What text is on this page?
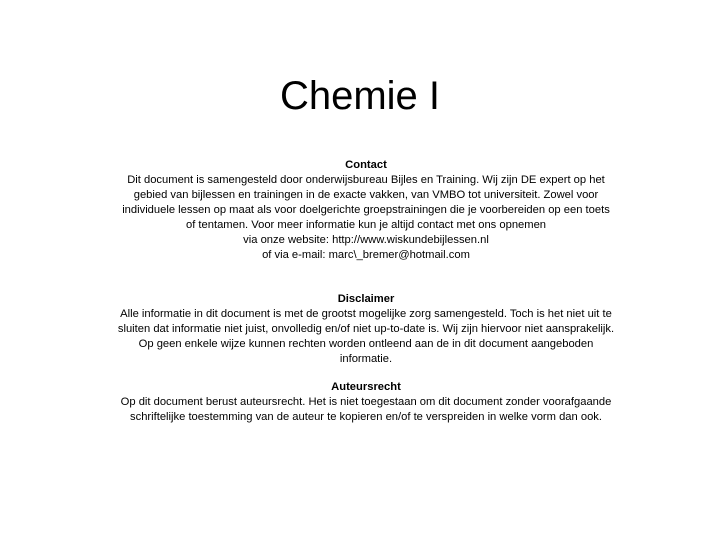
Chemie I
Contact
Dit document is samengesteld door onderwijsbureau Bijles en Training. Wij zijn DE expert op het gebied van bijlessen en trainingen in de exacte vakken, van VMBO tot universiteit. Zowel voor individuele lessen op maat als voor doelgerichte groepstrainingen die je voorbereiden op een toets of tentamen. Voor meer informatie kun je altijd contact met ons opnemen
via onze website: http://www.wiskundebijlessen.nl
of via e-mail: marc\_bremer@hotmail.com
Disclaimer
Alle informatie in dit document is met de grootst mogelijke zorg samengesteld. Toch is het niet uit te sluiten dat informatie niet juist, onvolledig en/of niet up-to-date is. Wij zijn hiervoor niet aansprakelijk. Op geen enkele wijze kunnen rechten worden ontleend aan de in dit document aangeboden informatie.
Auteursrecht
Op dit document berust auteursrecht. Het is niet toegestaan om dit document zonder voorafgaande schriftelijke toestemming van de auteur te kopieren en/of te verspreiden in welke vorm dan ook.
